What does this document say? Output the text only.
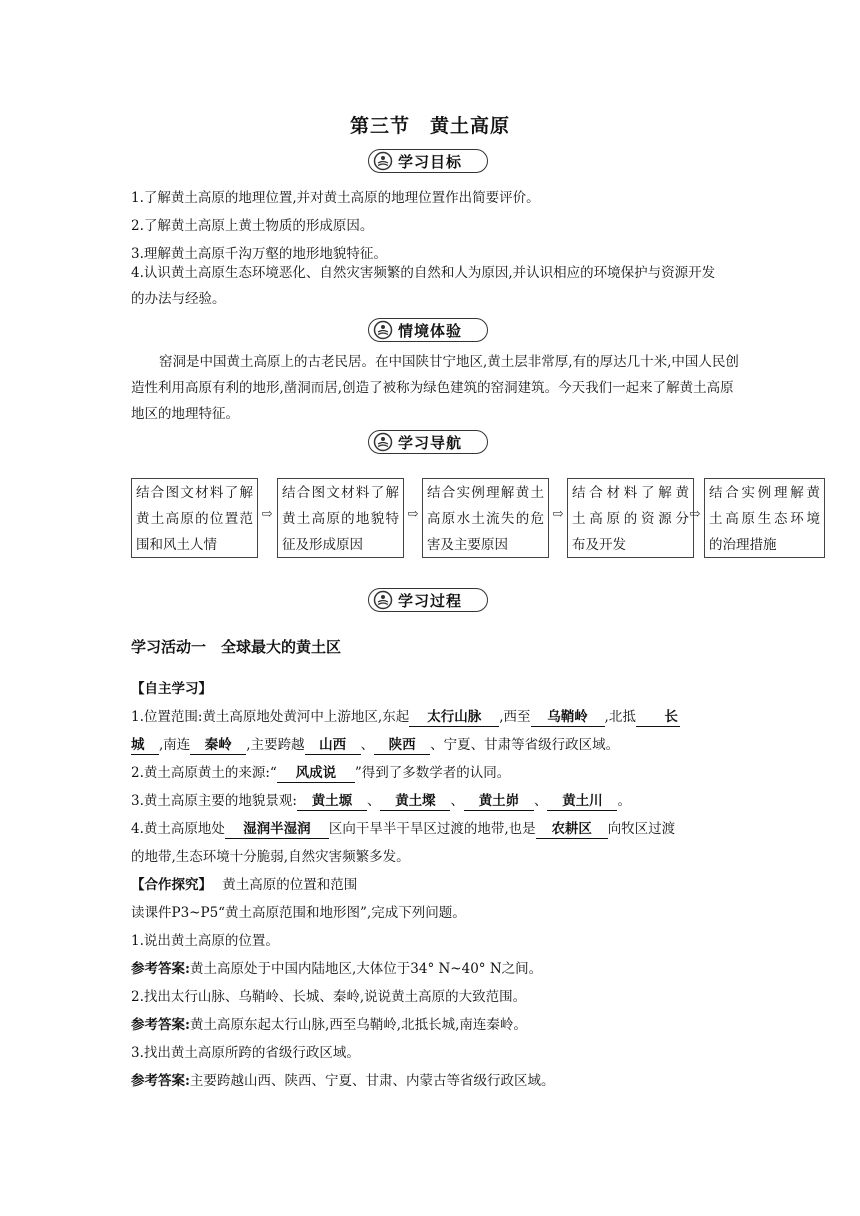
第三节　黄土高原
学习目标
1.了解黄土高原的地理位置,并对黄土高原的地理位置作出简要评价。
2.了解黄土高原上黄土物质的形成原因。
3.理解黄土高原千沟万壑的地形地貌特征。
4.认识黄土高原生态环境恶化、自然灾害频繁的自然和人为原因,并认识相应的环境保护与资源开发的办法与经验。
情境体验
窑洞是中国黄土高原上的古老民居。在中国陕甘宁地区,黄土层非常厚,有的厚达几十米,中国人民创造性利用高原有利的地形,凿洞而居,创造了被称为绿色建筑的窑洞建筑。今天我们一起来了解黄土高原地区的地理特征。
学习导航
结合图文材料了解
黄土高原的位置范
围和风土人情
⇨
结合图文材料了解
黄土高原的地貌特
征及形成原因
⇨
结合实例理解黄土
高原水土流失的危
害及主要原因
⇨
结合材料了解黄
土高原的资源分
布及开发
⇨
结合实例理解黄
土高原生态环境
的治理措施
学习过程
学习活动一　全球最大的黄土区
【自主学习】
1.位置范围:黄土高原地处黄河中上游地区,东起 太行山脉 ,西至 乌鞘岭 ,北抵 长
城 ,南连 秦岭 ,主要跨越 山西 、 陕西 、宁夏、甘肃等省级行政区域。
2.黄土高原黄土的来源:“ 风成说 ”得到了多数学者的认同。
3.黄土高原主要的地貌景观: 黄土塬 、 黄土墚 、 黄土峁 、 黄土川 。
4.黄土高原地处 湿润半湿润 区向干旱半干旱区过渡的地带,也是 农耕区 向牧区过渡
的地带,生态环境十分脆弱,自然灾害频繁多发。
【合作探究】 黄土高原的位置和范围
读课件P3~P5“黄土高原范围和地形图”,完成下列问题。
1.说出黄土高原的位置。
参考答案:黄土高原处于中国内陆地区,大体位于34° N~40° N之间。
2.找出太行山脉、乌鞘岭、长城、秦岭,说说黄土高原的大致范围。
参考答案:黄土高原东起太行山脉,西至乌鞘岭,北抵长城,南连秦岭。
3.找出黄土高原所跨的省级行政区域。
参考答案:主要跨越山西、陕西、宁夏、甘肃、内蒙古等省级行政区域。
